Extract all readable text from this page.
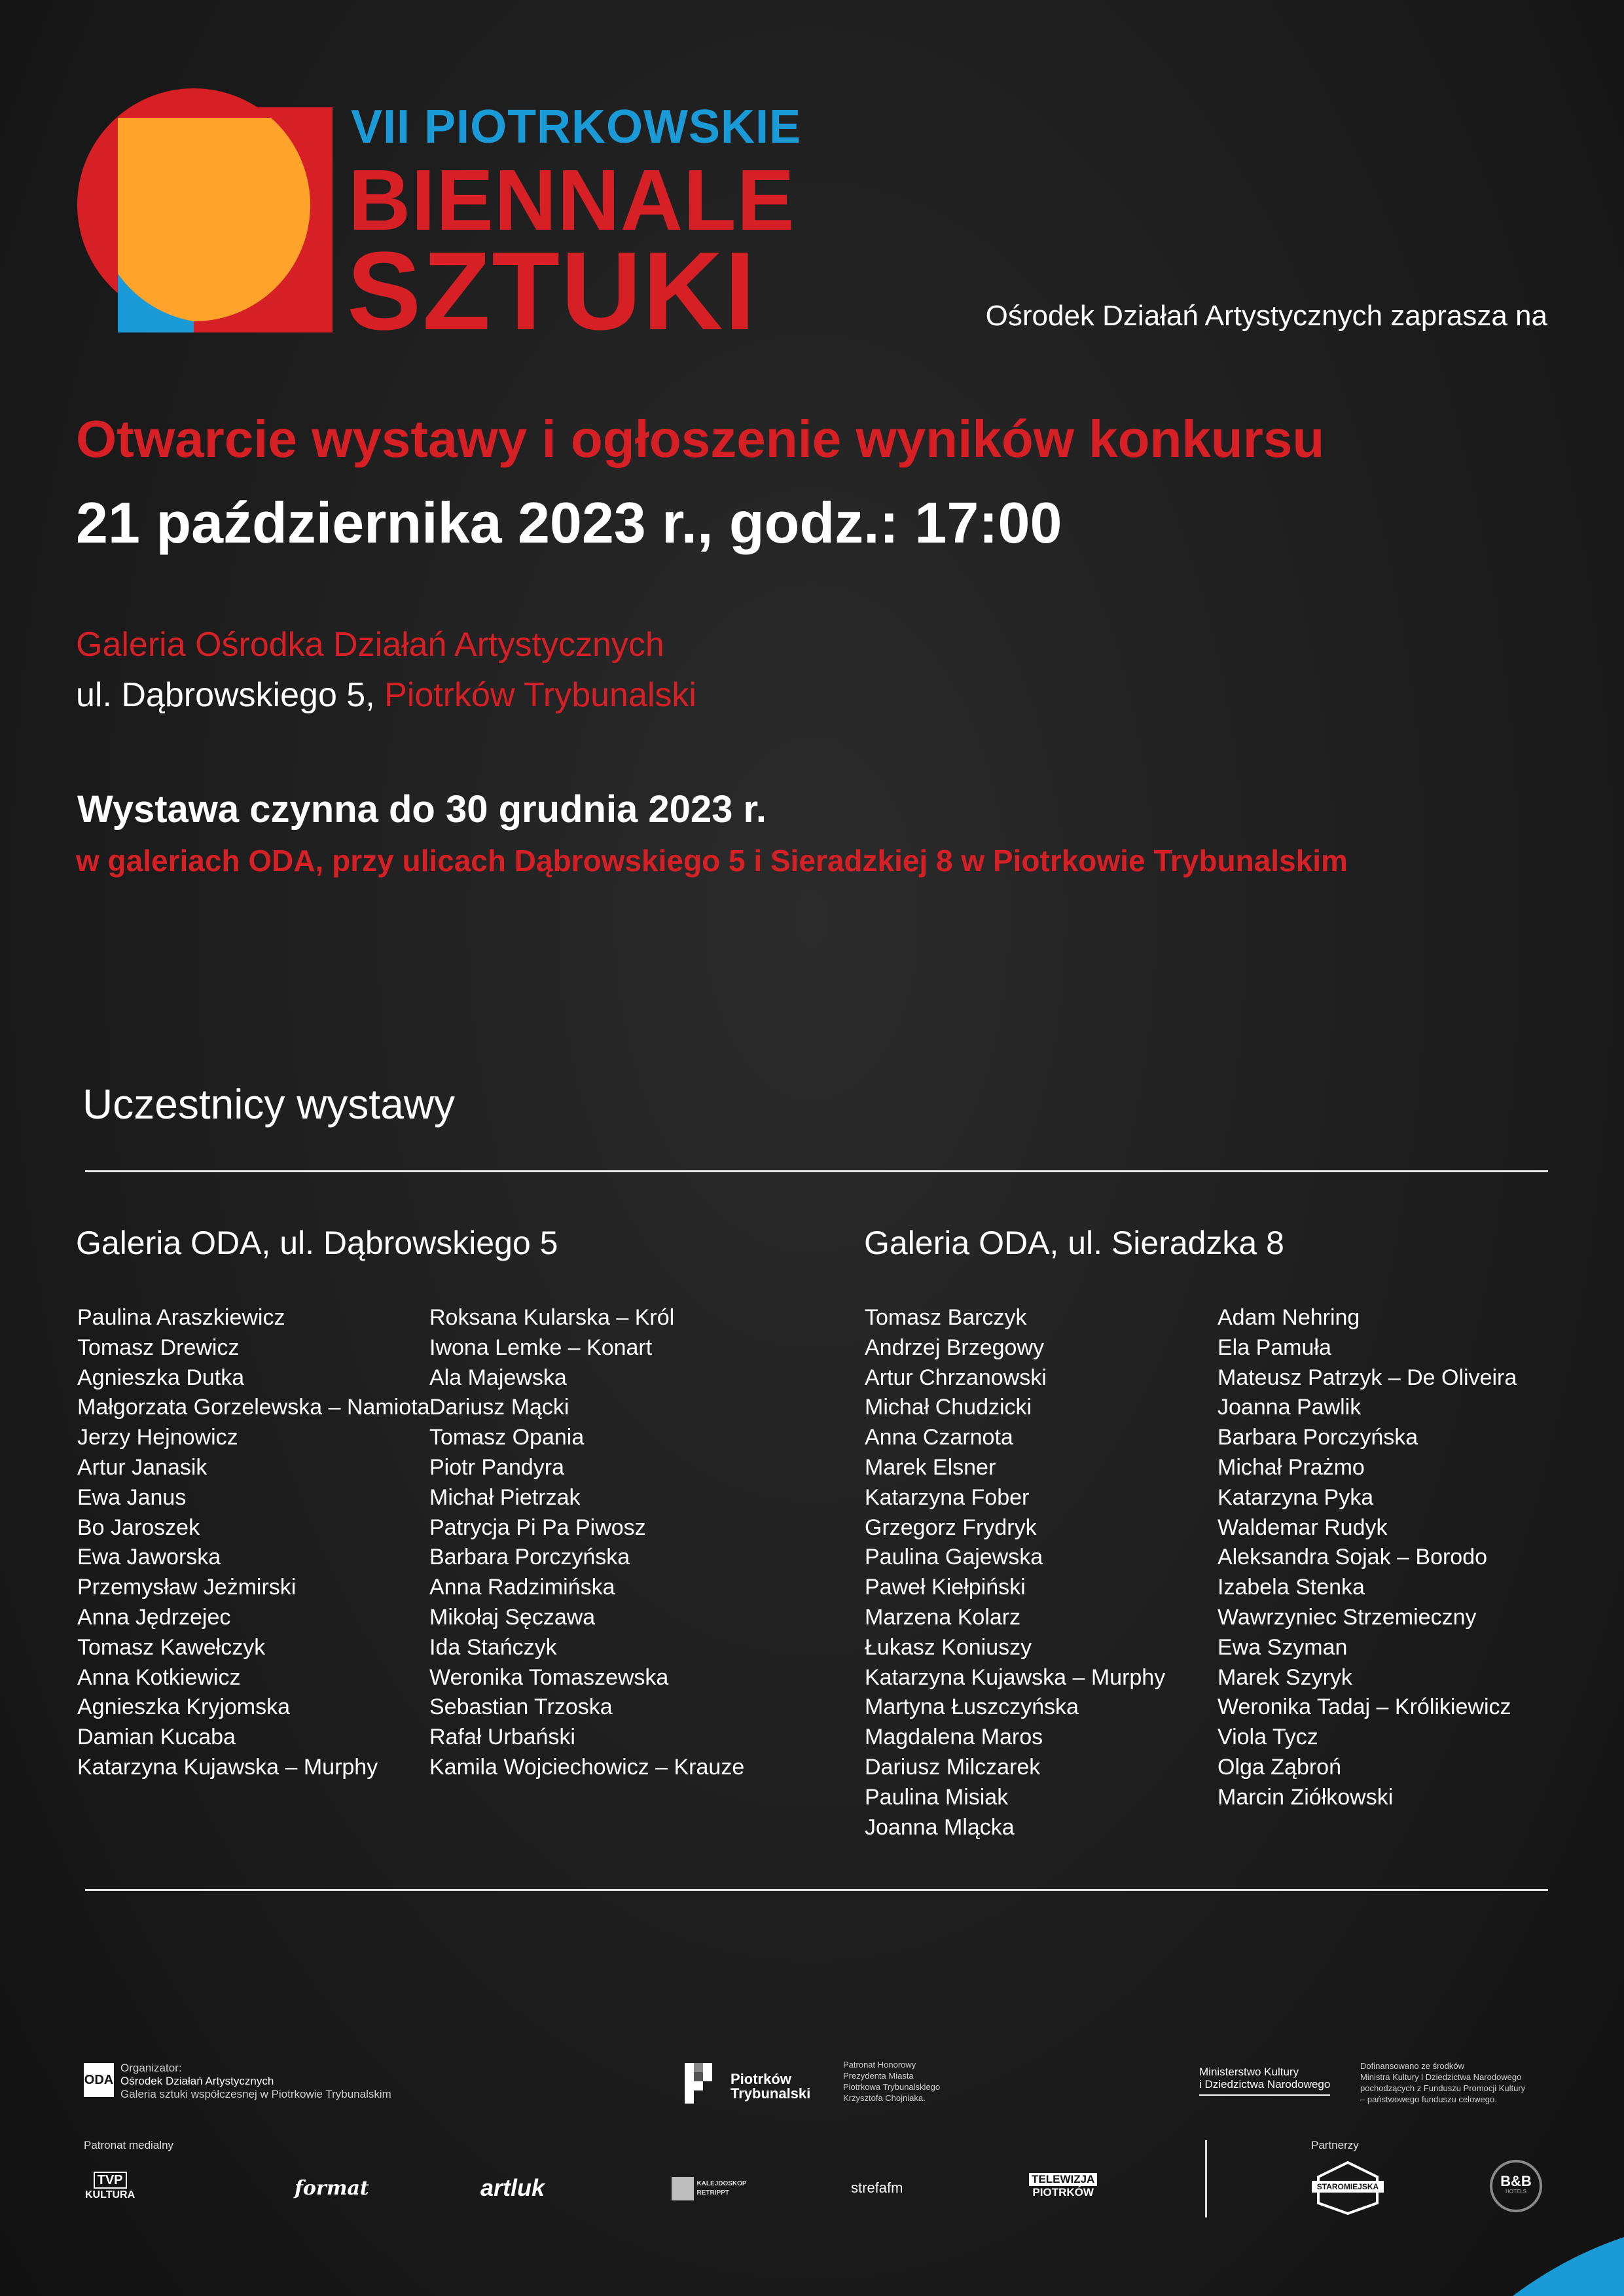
VII PIOTRKOWSKIE
BIENNALE
SZTUKI	Ośrodek Działań Artystycznych zaprasza na
Otwarcie wystawy i ogłoszenie wyników konkursu
21 października 2023 r., godz.: 17:00
Galeria Ośrodka Działań Artystycznych
ul. Dąbrowskiego 5, Piotrków Trybunalski
Wystawa czynna do 30 grudnia 2023 r.
w galeriach ODA, przy ulicach Dąbrowskiego 5 i Sieradzkiej 8 w Piotrkowie Trybunalskim
Uczestnicy wystawy
Galeria ODA, ul. Dąbrowskiego 5	Galeria ODA, ul. Sieradzka 8
Paulina Araszkiewicz
Tomasz Drewicz
Agnieszka Dutka
Małgorzata Gorzelewska – Namiota
Jerzy Hejnowicz
Artur Janasik
Ewa Janus
Bo Jaroszek
Ewa Jaworska
Przemysław Jeżmirski
Anna Jędrzejec
Tomasz Kawełczyk
Anna Kotkiewicz
Agnieszka Kryjomska
Damian Kucaba
Katarzyna Kujawska – Murphy
Roksana Kularska – Król
Iwona Lemke – Konart
Ala Majewska
Dariusz Mącki
Tomasz Opania
Piotr Pandyra
Michał Pietrzak
Patrycja Pi Pa Piwosz
Barbara Porczyńska
Anna Radzimińska
Mikołaj Sęczawa
Ida Stańczyk
Weronika Tomaszewska
Sebastian Trzoska
Rafał Urbański
Kamila Wojciechowicz – Krauze
Tomasz Barczyk
Andrzej Brzegowy
Artur Chrzanowski
Michał Chudzicki
Anna Czarnota
Marek Elsner
Katarzyna Fober
Grzegorz Frydryk
Paulina Gajewska
Paweł Kiełpiński
Marzena Kolarz
Łukasz Koniuszy
Katarzyna Kujawska – Murphy
Martyna Łuszczyńska
Magdalena Maros
Dariusz Milczarek
Paulina Misiak
Joanna Mlącka
Adam Nehring
Ela Pamuła
Mateusz Patrzyk – De Oliveira
Joanna Pawlik
Barbara Porczyńska
Michał Prażmo
Katarzyna Pyka
Waldemar Rudyk
Aleksandra Sojak – Borodo
Izabela Stenka
Wawrzyniec Strzemieczny
Ewa Szyman
Marek Szyryk
Weronika Tadaj – Królikiewicz
Viola Tycz
Olga Ząbroń
Marcin Ziółkowski
ODA
Organizator:
Ośrodek Działań Artystycznych
Galeria sztuki współczesnej w Piotrkowie Trybunalskim
Piotrków
Trybunalski
Patronat Honorowy
Prezydenta Miasta
Piotrkowa Trybunalskiego
Krzysztofa Chojniaka.
Ministerstwo Kultury
i Dziedzictwa Narodowego
Dofinansowano ze środków
Ministra Kultury i Dziedzictwa Narodowego
pochodzących z Funduszu Promocji Kultury
– państwowego funduszu celowego.
Patronat medialny
TVP
KULTURA	format	artluk
	KALEJDOSKOP
RETRIPPT	strefafm
TELEWIZJA
PIOTRKÓW
Partnerzy
STAROMIEJSKA	B&B
HOTELS
